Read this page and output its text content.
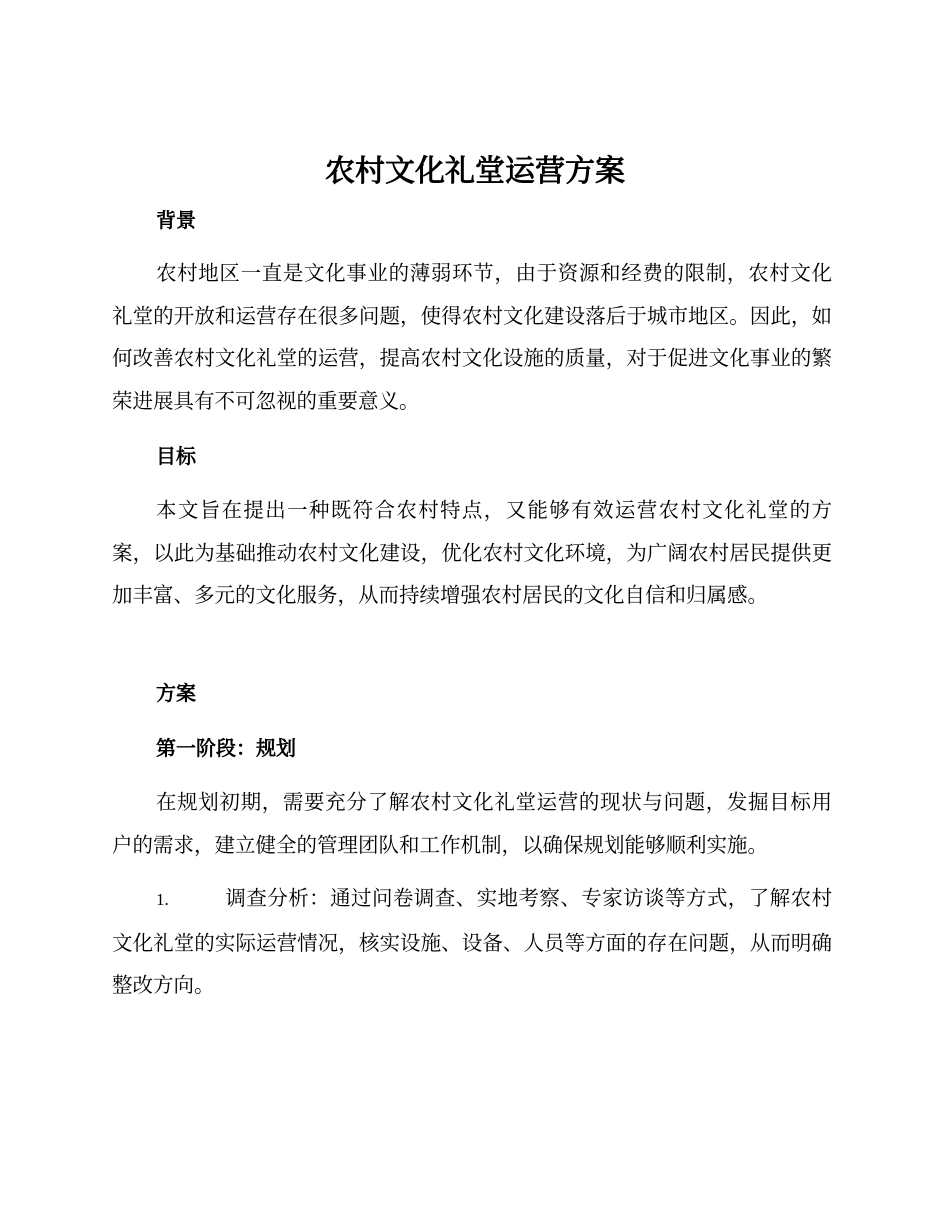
农村文化礼堂运营方案
背景
农村地区一直是文化事业的薄弱环节，由于资源和经费的限制，农村文化礼堂的开放和运营存在很多问题，使得农村文化建设落后于城市地区。因此，如何改善农村文化礼堂的运营，提高农村文化设施的质量，对于促进文化事业的繁荣进展具有不可忽视的重要意义。
目标
本文旨在提出一种既符合农村特点，又能够有效运营农村文化礼堂的方案，以此为基础推动农村文化建设，优化农村文化环境，为广阔农村居民提供更加丰富、多元的文化服务，从而持续增强农村居民的文化自信和归属感。
方案
第一阶段：规划
在规划初期，需要充分了解农村文化礼堂运营的现状与问题，发掘目标用户的需求，建立健全的管理团队和工作机制，以确保规划能够顺利实施。
1.	调查分析：通过问卷调查、实地考察、专家访谈等方式，了解农村文化礼堂的实际运营情况，核实设施、设备、人员等方面的存在问题，从而明确整改方向。
